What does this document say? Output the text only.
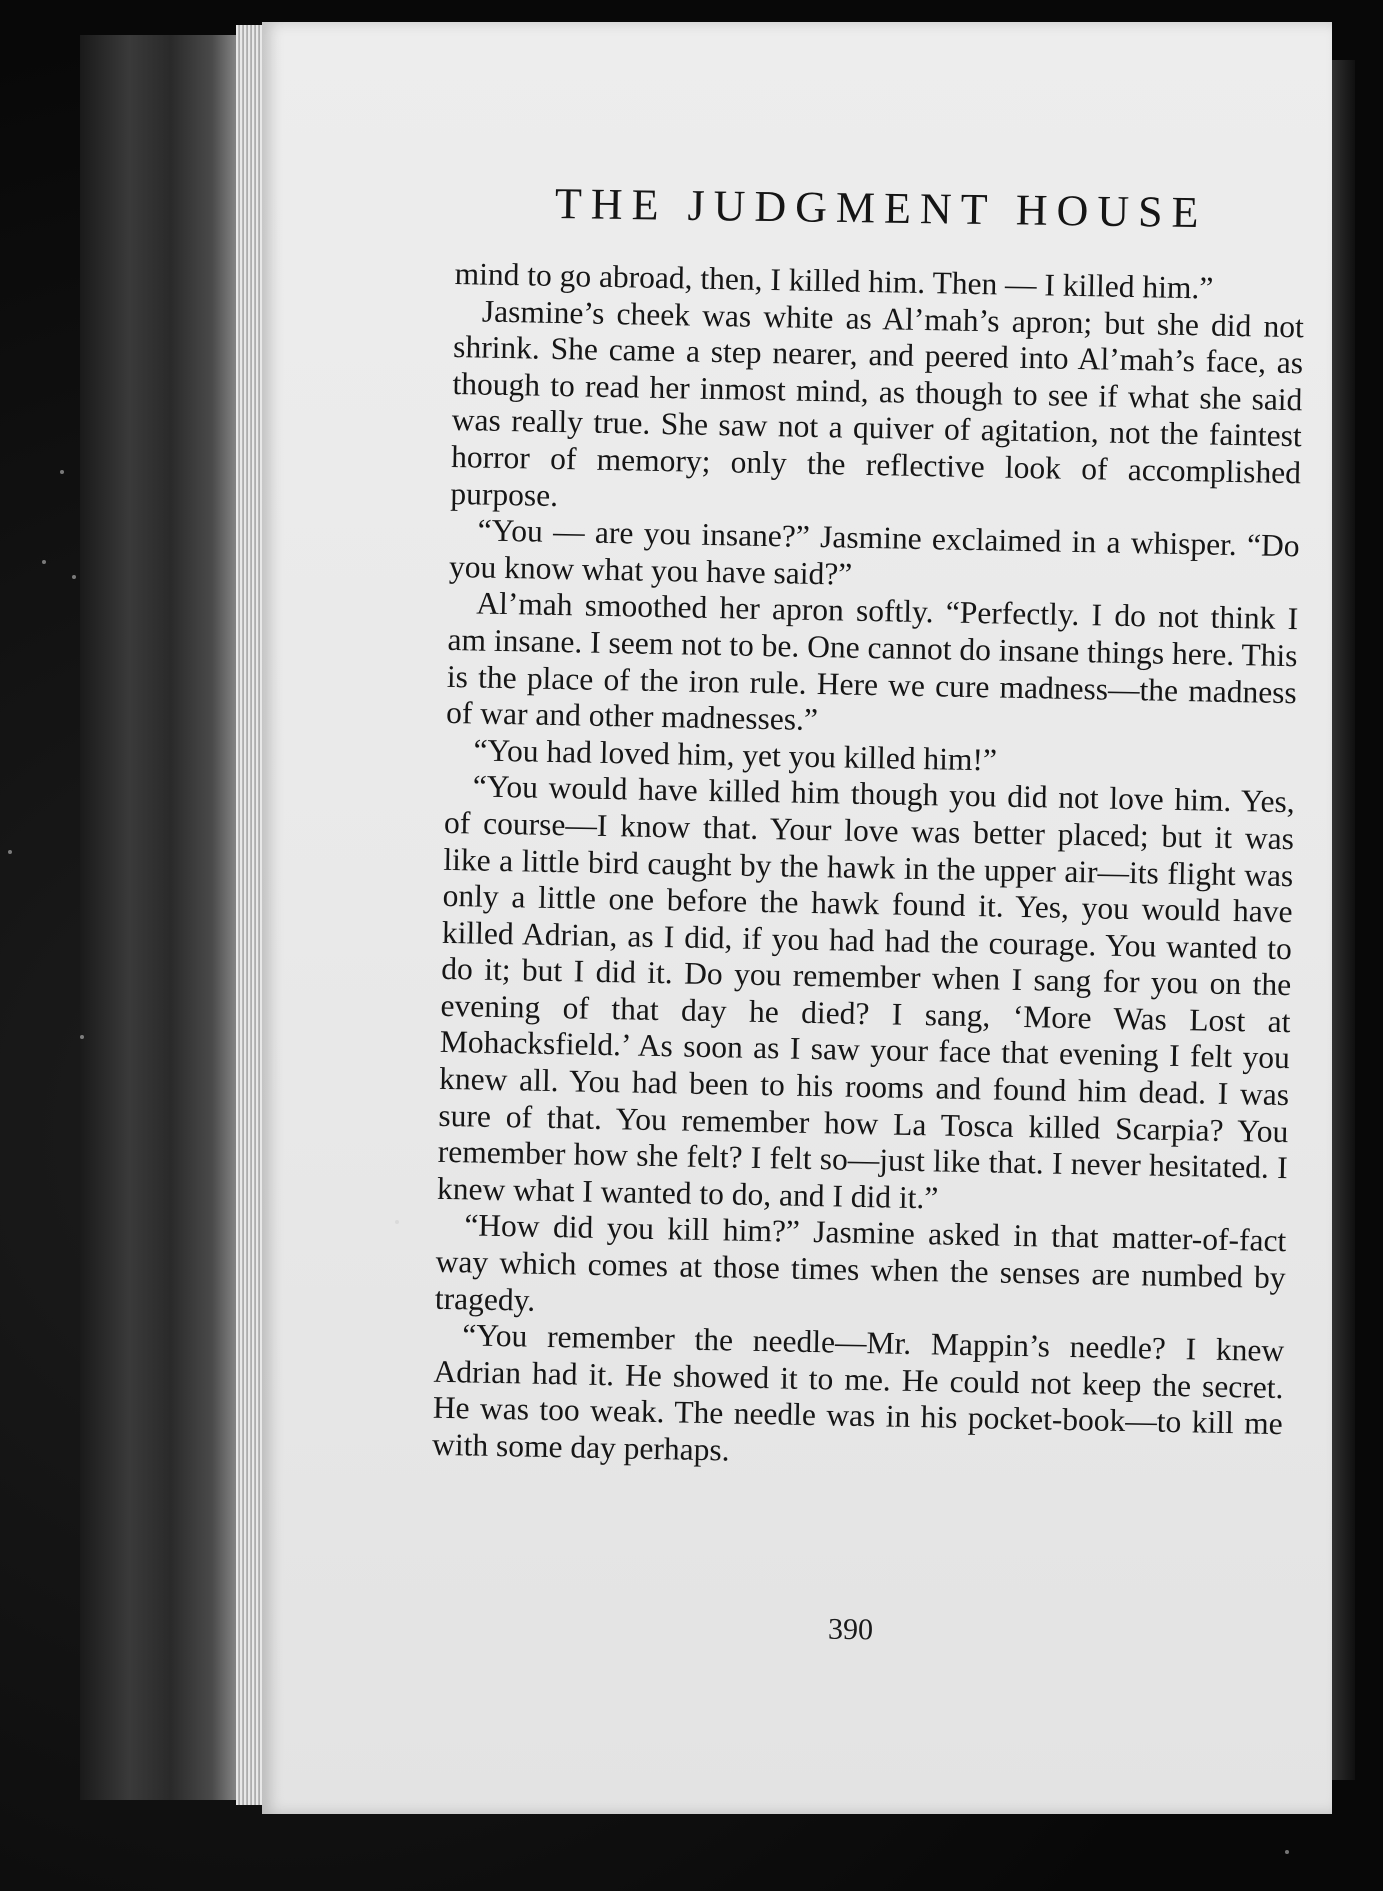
THE JUDGMENT HOUSE

mind to go abroad, then, I killed him. Then — I killed him.”

Jasmine’s cheek was white as Al’mah’s apron; but she did not shrink. She came a step nearer, and peered into Al’mah’s face, as though to read her inmost mind, as though to see if what she said was really true. She saw not a quiver of agitation, not the faintest horror of memory; only the reflective look of accomplished purpose.

“You — are you insane?” Jasmine exclaimed in a whisper. “Do you know what you have said?”

Al’mah smoothed her apron softly. “Perfectly. I do not think I am insane. I seem not to be. One cannot do insane things here. This is the place of the iron rule. Here we cure madness—the madness of war and other madnesses.”

“You had loved him, yet you killed him!”

“You would have killed him though you did not love him. Yes, of course—I know that. Your love was better placed; but it was like a little bird caught by the hawk in the upper air—its flight was only a little one before the hawk found it. Yes, you would have killed Adrian, as I did, if you had had the courage. You wanted to do it; but I did it. Do you remember when I sang for you on the evening of that day he died? I sang, ‘More Was Lost at Mohacksfield.’ As soon as I saw your face that evening I felt you knew all. You had been to his rooms and found him dead. I was sure of that. You remember how La Tosca killed Scarpia? You remember how she felt? I felt so—just like that. I never hesitated. I knew what I wanted to do, and I did it.”

“How did you kill him?” Jasmine asked in that matter-of-fact way which comes at those times when the senses are numbed by tragedy.

“You remember the needle—Mr. Mappin’s needle? I knew Adrian had it. He showed it to me. He could not keep the secret. He was too weak. The needle was in his pocket-book—to kill me with some day perhaps.

390
